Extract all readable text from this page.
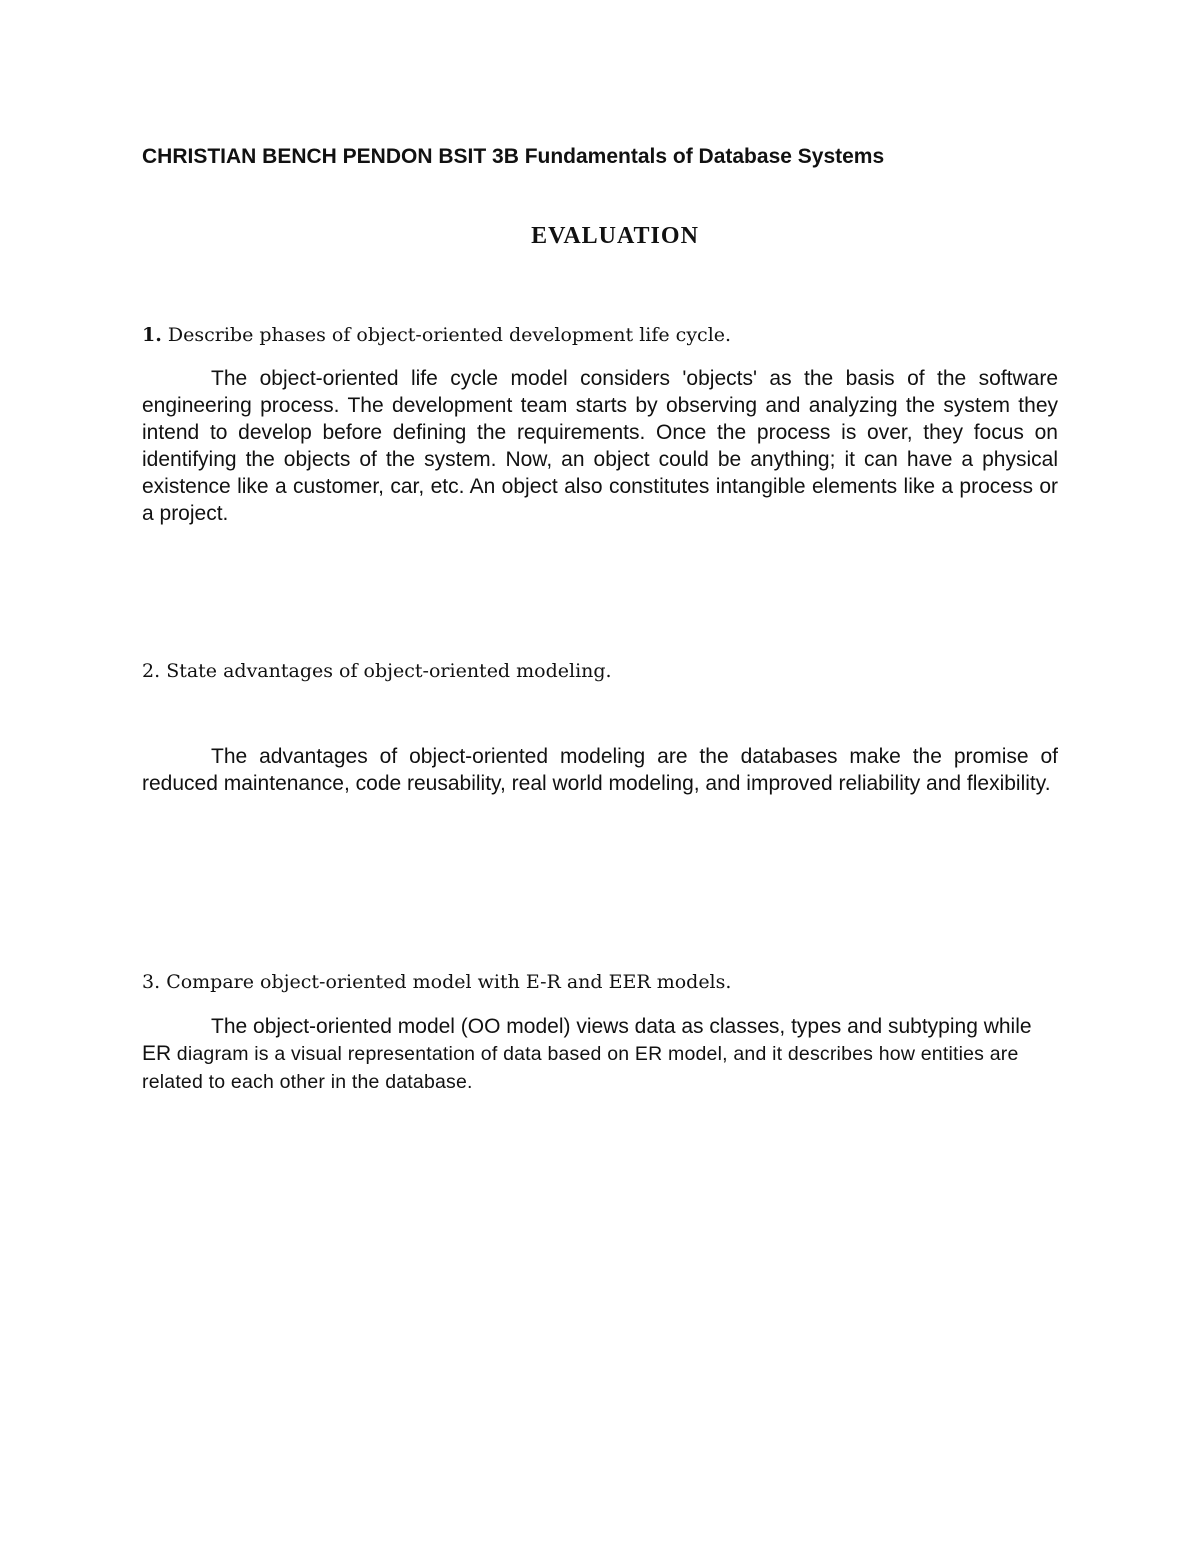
CHRISTIAN BENCH PENDON BSIT 3B Fundamentals of Database Systems
EVALUATION
1. Describe phases of object-oriented development life cycle.
The object-oriented life cycle model considers 'objects' as the basis of the software engineering process. The development team starts by observing and analyzing the system they intend to develop before defining the requirements. Once the process is over, they focus on identifying the objects of the system. Now, an object could be anything; it can have a physical existence like a customer, car, etc. An object also constitutes intangible elements like a process or a project.
2. State advantages of object-oriented modeling.
The advantages of object-oriented modeling are the databases make the promise of reduced maintenance, code reusability, real world modeling, and improved reliability and flexibility.
3. Compare object-oriented model with E-R and EER models.
The object-oriented model (OO model) views data as classes, types and subtyping while ER diagram is a visual representation of data based on ER model, and it describes how entities are related to each other in the database.
